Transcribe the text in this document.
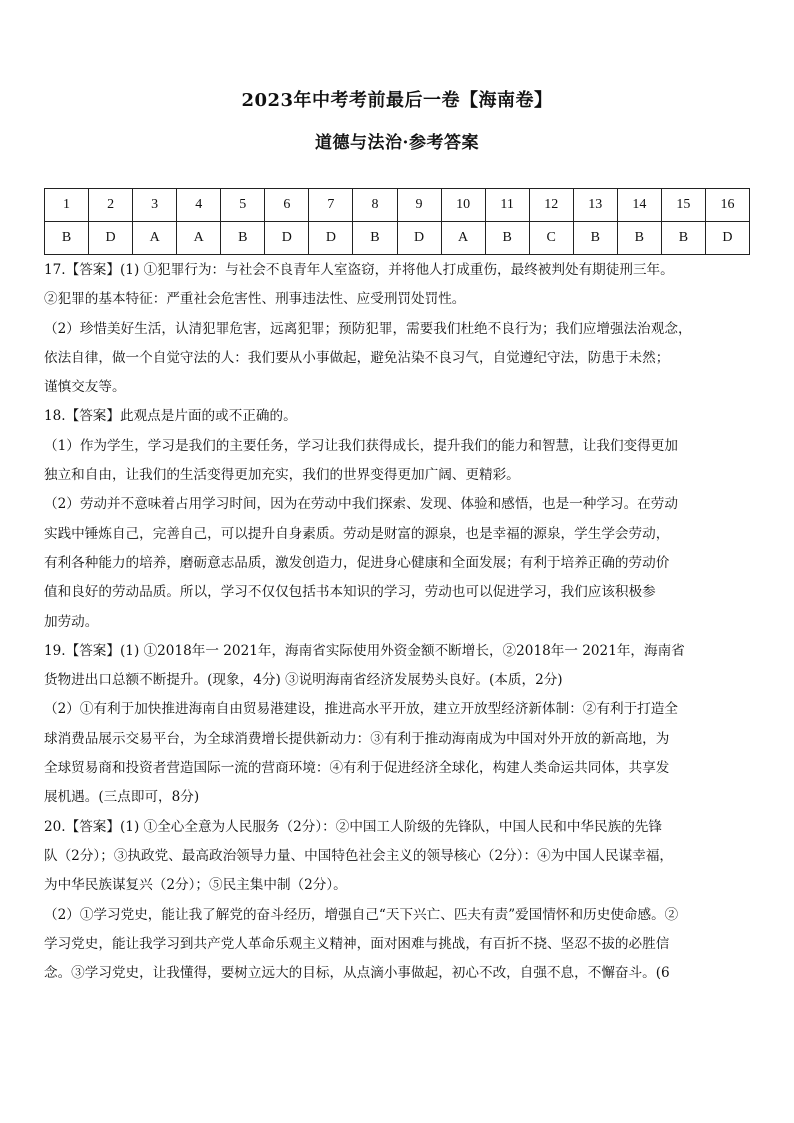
2023年中考考前最后一卷【海南卷】
道德与法治·参考答案
1	2	3	4	5	6	7	8	9	10	11	12	13	14	15	16
B	D	A	A	B	D	D	B	D	A	B	C	B	B	B	D

17.【答案】(1) ①犯罪行为：与社会不良青年人室盗窃，并将他人打成重伤，最终被判处有期徒刑三年。

②犯罪的基本特征：严重社会危害性、刑事违法性、应受刑罚处罚性。

（2）珍惜美好生活，认清犯罪危害，远离犯罪；预防犯罪，需要我们杜绝不良行为；我们应增强法治观念，

依法自律，做一个自觉守法的人：我们要从小事做起，避免沾染不良习气，自觉遵纪守法，防患于未然；

谨慎交友等。

18.【答案】此观点是片面的或不正确的。

（1）作为学生，学习是我们的主要任务，学习让我们获得成长，提升我们的能力和智慧，让我们变得更加

独立和自由，让我们的生活变得更加充实，我们的世界变得更加广阔、更精彩。

（2）劳动并不意味着占用学习时间，因为在劳动中我们探索、发现、体验和感悟，也是一种学习。在劳动

实践中锤炼自己，完善自己，可以提升自身素质。劳动是财富的源泉，也是幸福的源泉，学生学会劳动，

有利各种能力的培养，磨砺意志品质，激发创造力，促进身心健康和全面发展；有利于培养正确的劳动价

值和良好的劳动品质。所以，学习不仅仅包括书本知识的学习，劳动也可以促进学习，我们应该积极参

加劳动。

19.【答案】(1) ①2018年一 2021年，海南省实际使用外资金额不断增长，②2018年一 2021年，海南省

货物进出口总额不断提升。(现象，4分) ③说明海南省经济发展势头良好。(本质，2分)

（2）①有利于加快推进海南自由贸易港建设，推进高水平开放，建立开放型经济新体制：②有利于打造全

球消费品展示交易平台，为全球消费增长提供新动力：③有利于推动海南成为中国对外开放的新高地，为

全球贸易商和投资者营造国际一流的营商环境：④有利于促进经济全球化，构建人类命运共同体，共享发

展机遇。(三点即可，8分)

20.【答案】(1) ①全心全意为人民服务（2分）：②中国工人阶级的先锋队，中国人民和中华民族的先锋

队（2分）；③执政党、最高政治领导力量、中国特色社会主义的领导核心（2分）：④为中国人民谋幸福，

为中华民族谋复兴（2分）；⑤民主集中制（2分）。

（2）①学习党史，能让我了解党的奋斗经历，增强自己“天下兴亡、匹夫有责”爱国情怀和历史使命感。②

学习党史，能让我学习到共产党人革命乐观主义精神，面对困难与挑战，有百折不挠、坚忍不拔的必胜信

念。③学习党史，让我懂得，要树立远大的目标，从点滴小事做起，初心不改，自强不息，不懈奋斗。(6
